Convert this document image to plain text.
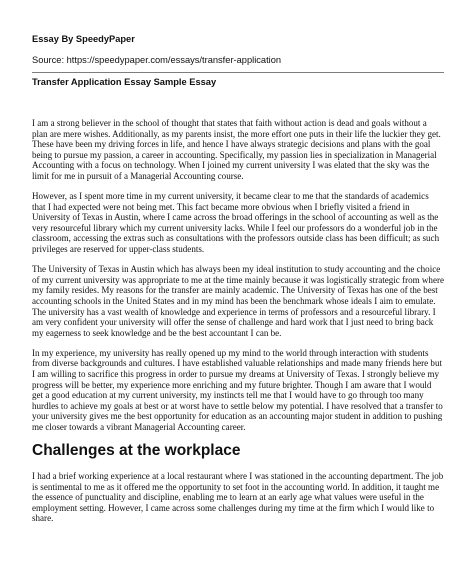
Essay By SpeedyPaper
Source: https://speedypaper.com/essays/transfer-application
Transfer Application Essay Sample Essay

I am a strong believer in the school of thought that states that faith without action is dead and goals without a plan are mere wishes. Additionally, as my parents insist, the more effort one puts in their life the luckier they get. These have been my driving forces in life, and hence I have always strategic decisions and plans with the goal being to pursue my passion, a career in accounting. Specifically, my passion lies in specialization in Managerial Accounting with a focus on technology. When I joined my current university I was elated that the sky was the limit for me in pursuit of a Managerial Accounting course.

However, as I spent more time in my current university, it became clear to me that the standards of academics that I had expected were not being met. This fact became more obvious when I briefly visited a friend in University of Texas in Austin, where I came across the broad offerings in the school of accounting as well as the very resourceful library which my current university lacks. While I feel our professors do a wonderful job in the classroom, accessing the extras such as consultations with the professors outside class has been difficult; as such privileges are reserved for upper-class students.

The University of Texas in Austin which has always been my ideal institution to study accounting and the choice of my current university was appropriate to me at the time mainly because it was logistically strategic from where my family resides. My reasons for the transfer are mainly academic. The University of Texas has one of the best accounting schools in the United States and in my mind has been the benchmark whose ideals I aim to emulate. The university has a vast wealth of knowledge and experience in terms of professors and a resourceful library. I am very confident your university will offer the sense of challenge and hard work that I just need to bring back my eagerness to seek knowledge and be the best accountant I can be.

In my experience, my university has really opened up my mind to the world through interaction with students from diverse backgrounds and cultures. I have established valuable relationships and made many friends here but I am willing to sacrifice this progress in order to pursue my dreams at University of Texas. I strongly believe my progress will be better, my experience more enriching and my future brighter. Though I am aware that I would get a good education at my current university, my instincts tell me that I would have to go through too many hurdles to achieve my goals at best or at worst have to settle below my potential. I have resolved that a transfer to your university gives me the best opportunity for education as an accounting major student in addition to pushing me closer towards a vibrant Managerial Accounting career.

Challenges at the workplace

I had a brief working experience at a local restaurant where I was stationed in the accounting department. The job is sentimental to me as it offered me the opportunity to set foot in the accounting world. In addition, it taught me the essence of punctuality and discipline, enabling me to learn at an early age what values were useful in the employment setting. However, I came across some challenges during my time at the firm which I would like to share.
